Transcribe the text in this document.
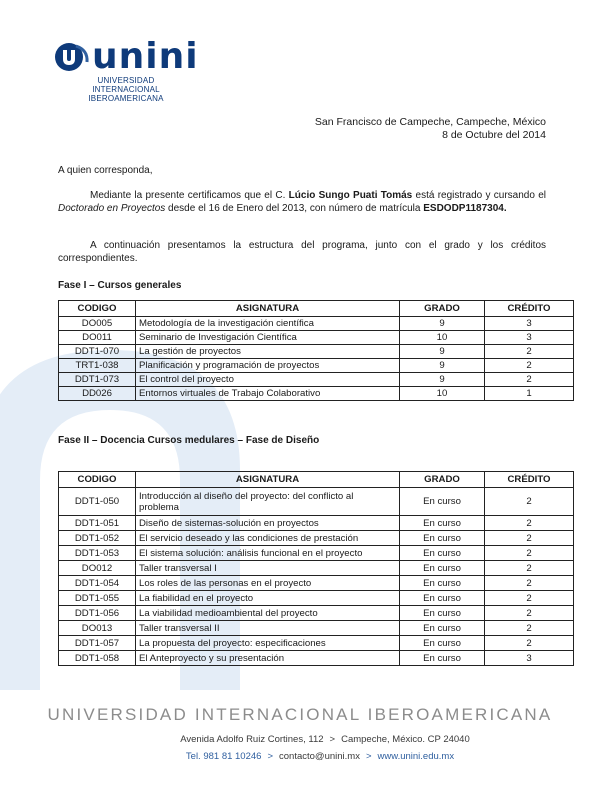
unini
UNIVERSIDAD INTERNACIONAL
IBEROAMERICANA
San Francisco de Campeche, Campeche, México
8 de Octubre del 2014
A quien corresponda,
Mediante la presente certificamos que el C. Lúcio Sungo Puati Tomás está registrado y cursando el Doctorado en Proyectos desde el 16 de Enero del 2013, con número de matrícula ESDODP1187304.
A continuación presentamos la estructura del programa, junto con el grado y los créditos correspondientes.
Fase I – Cursos generales
CODIGO	ASIGNATURA	GRADO	CRÉDITO
DO005	Metodología de la investigación científica	9	3
DO011	Seminario de Investigación Científica	10	3
DDT1-070	La gestión de proyectos	9	2
TRT1-038	Planificación y programación de proyectos	9	2
DDT1-073	El control del proyecto	9	2
DD026	Entornos virtuales de Trabajo Colaborativo	10	1
Fase II – Docencia Cursos medulares – Fase de Diseño
CODIGO	ASIGNATURA	GRADO	CRÉDITO
DDT1-050	Introducción al diseño del proyecto: del conflicto al problema	En curso	2
DDT1-051	Diseño de sistemas-solución en proyectos	En curso	2
DDT1-052	El servicio deseado y las condiciones de prestación	En curso	2
DDT1-053	El sistema solución: análisis funcional en el proyecto	En curso	2
DO012	Taller transversal I	En curso	2
DDT1-054	Los roles de las personas en el proyecto	En curso	2
DDT1-055	La fiabilidad en el proyecto	En curso	2
DDT1-056	La viabilidad medioambiental del proyecto	En curso	2
DO013	Taller transversal II	En curso	2
DDT1-057	La propuesta del proyecto: especificaciones	En curso	2
DDT1-058	El Anteproyecto y su presentación	En curso	3
UNIVERSIDAD INTERNACIONAL IBEROAMERICANA
Avenida Adolfo Ruiz Cortines, 112 > Campeche, México. CP 24040
Tel. 981 81 10246 > contacto@unini.mx > www.unini.edu.mx
